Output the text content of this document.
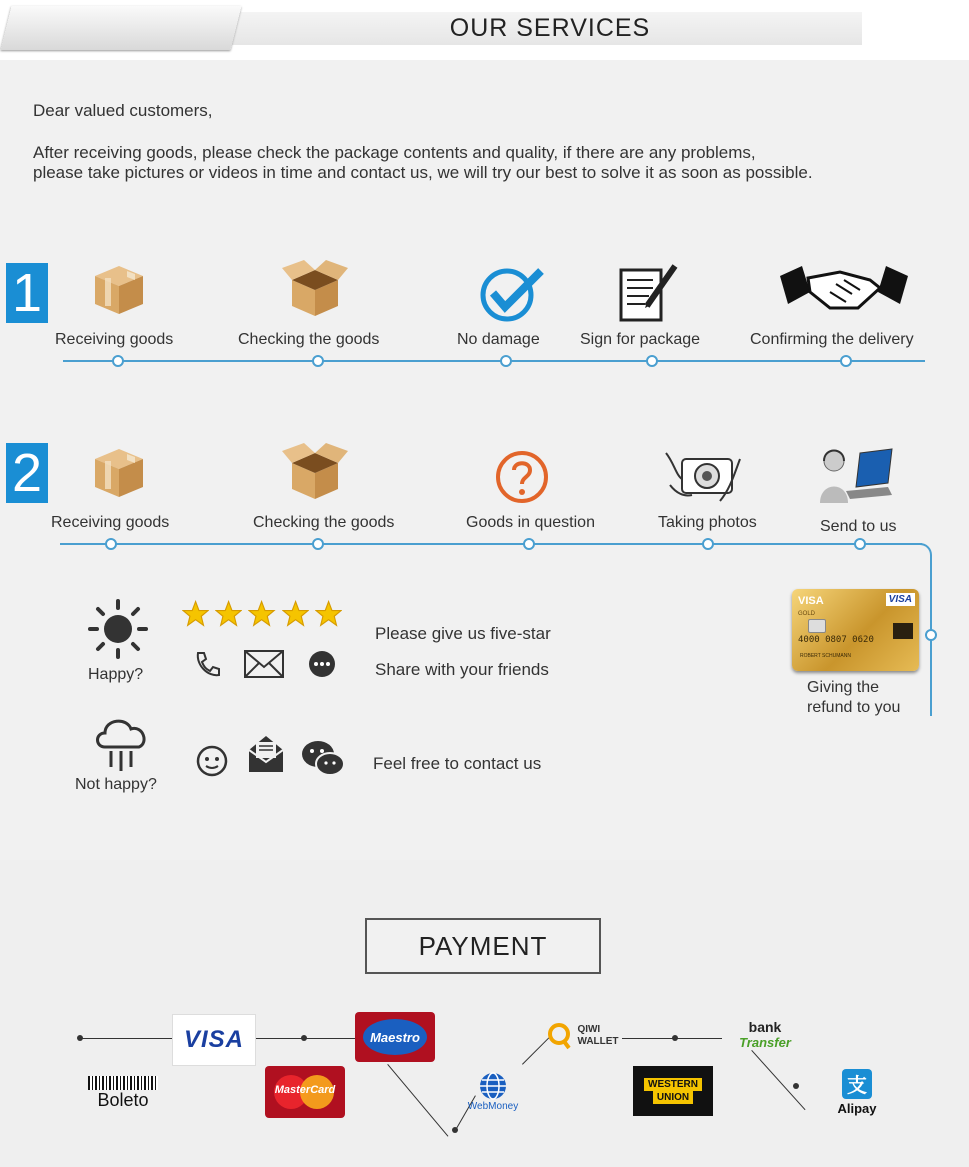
OUR SERVICES
Dear valued customers,
After receiving goods, please check the package contents and quality, if there are any problems,
please take pictures or videos in time and contact us, we will try our best to solve it as soon as possible.
1
Receiving goods	Checking the goods	No damage	Sign for package	Confirming the delivery
2
Receiving goods	Checking the goods	Goods in question	Taking photos	Send to us
VISA	VISA
GOLD
4000 0807 0620
ROBERT SCHUMANN
Giving the
refund to you
Happy?
Please give us five-star
Share with your friends
Not happy?
Feel free to contact us
PAYMENT
VISA	Maestro
Boleto	MasterCard
WebMoney
QIWI
WALLET
WESTERN
UNION
bank
Transfer
支
Alipay
